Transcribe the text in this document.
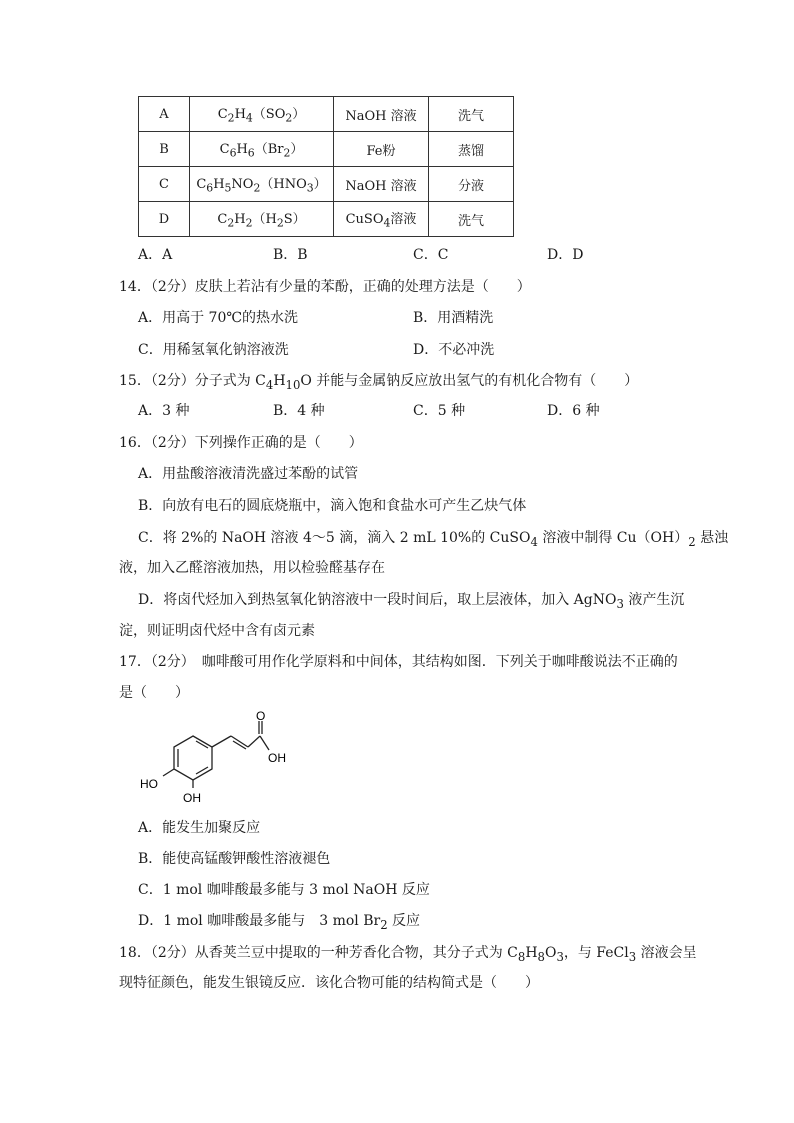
A	$C_2H_4(SO_2)$	NaOH 溶液	洗气
B	$C_6H_6(Br_2)$	Fe粉	蒸馏
C	$C_6H_5NO_2(HNO_3)$	NaOH 溶液	分液
D	$C_2H_2(H_2S)$	CuSO$_4$溶液	洗气
A．A	B．B	C．C	D．D
14．（2分）皮肤上若沾有少量的苯酚，正确的处理方法是（　　）
A．用高于 70℃的热水洗	B．用酒精洗
C．用稀氢氧化钠溶液洗	D．不必冲洗
15．（2分）分子式为 $C_4H_{10}O$ 并能与金属钠反应放出氢气的有机化合物有（　　）
A．3 种	B．4 种	C．5 种	D．6 种
16．（2分）下列操作正确的是（　　）
A．用盐酸溶液清洗盛过苯酚的试管
B．向放有电石的圆底烧瓶中，滴入饱和食盐水可产生乙炔气体
C．将 2%的 NaOH 溶液 4～5 滴，滴入 2 mL 10%的 CuSO$_4$ 溶液中制得 $Cu(OH)_2$ 悬浊
液，加入乙醛溶液加热，用以检验醛基存在
D．将卤代烃加入到热氢氧化钠溶液中一段时间后，取上层液体，加入 AgNO$_3$ 液产生沉
淀，则证明卤代烃中含有卤元素
17．（2分）　咖啡酸可用作化学原料和中间体，其结构如图．下列关于咖啡酸说法不正确的
是（　　）
O
OH
HO
OH
A．能发生加聚反应
B．能使高锰酸钾酸性溶液褪色
C．1 mol 咖啡酸最多能与 3 mol NaOH 反应
D．1 mol 咖啡酸最多能与　3 mol $Br_2$ 反应
18．（2分）从香荚兰豆中提取的一种芳香化合物，其分子式为 $C_8H_8O_3$，与 FeCl$_3$ 溶液会呈
现特征颜色，能发生银镜反应．该化合物可能的结构简式是（　　）
